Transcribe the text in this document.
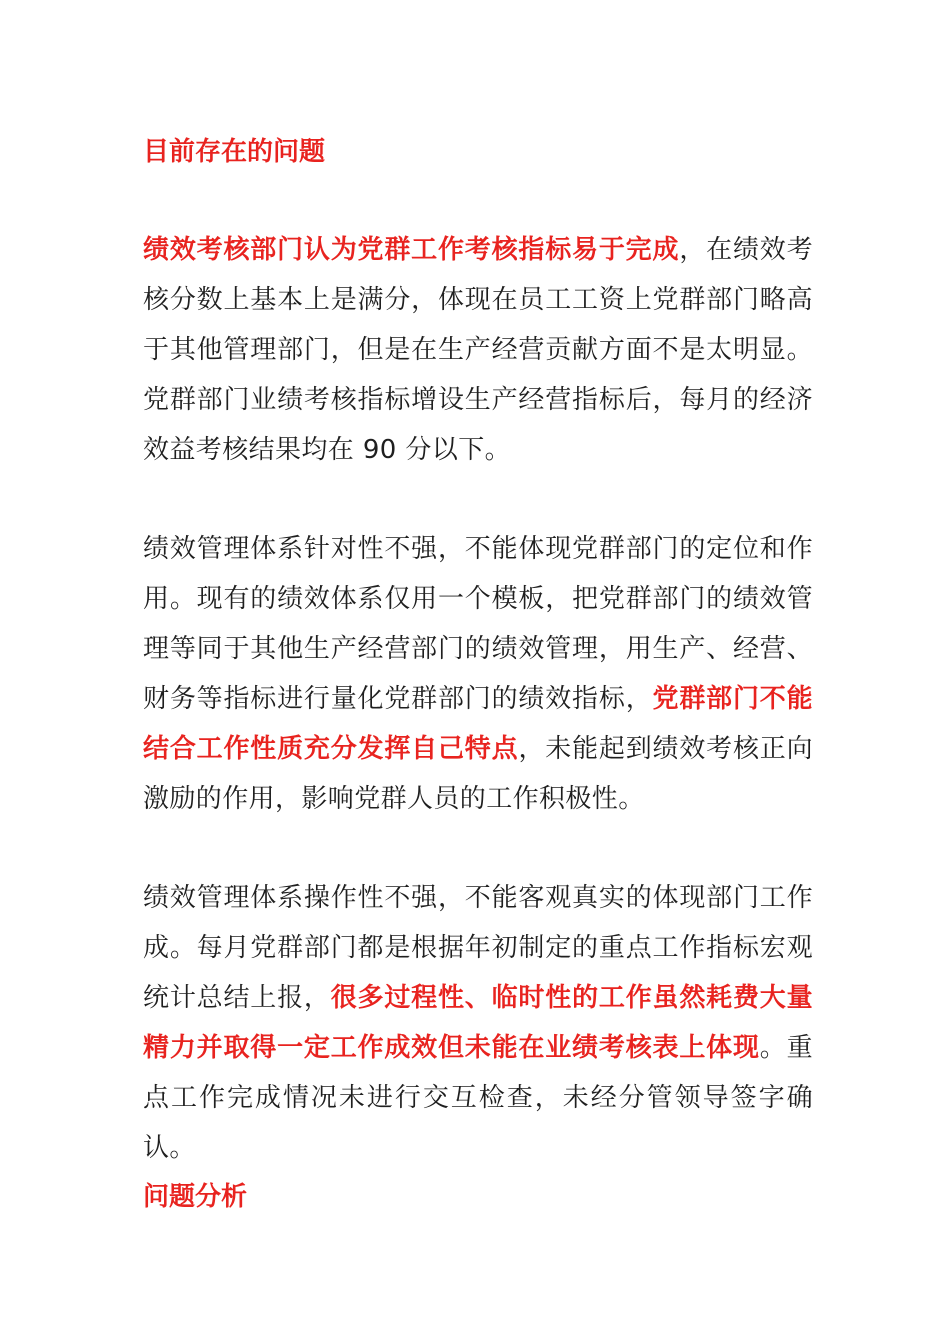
目前存在的问题
绩效考核部门认为党群工作考核指标易于完成，在绩效考核分数上基本上是满分，体现在员工工资上党群部门略高于其他管理部门，但是在生产经营贡献方面不是太明显。党群部门业绩考核指标增设生产经营指标后，每月的经济效益考核结果均在 90 分以下。
绩效管理体系针对性不强，不能体现党群部门的定位和作用。现有的绩效体系仅用一个模板，把党群部门的绩效管理等同于其他生产经营部门的绩效管理，用生产、经营、财务等指标进行量化党群部门的绩效指标，党群部门不能结合工作性质充分发挥自己特点，未能起到绩效考核正向激励的作用，影响党群人员的工作积极性。
绩效管理体系操作性不强，不能客观真实的体现部门工作成。每月党群部门都是根据年初制定的重点工作指标宏观统计总结上报，很多过程性、临时性的工作虽然耗费大量精力并取得一定工作成效但未能在业绩考核表上体现。重点工作完成情况未进行交互检查，未经分管领导签字确认。
问题分析
